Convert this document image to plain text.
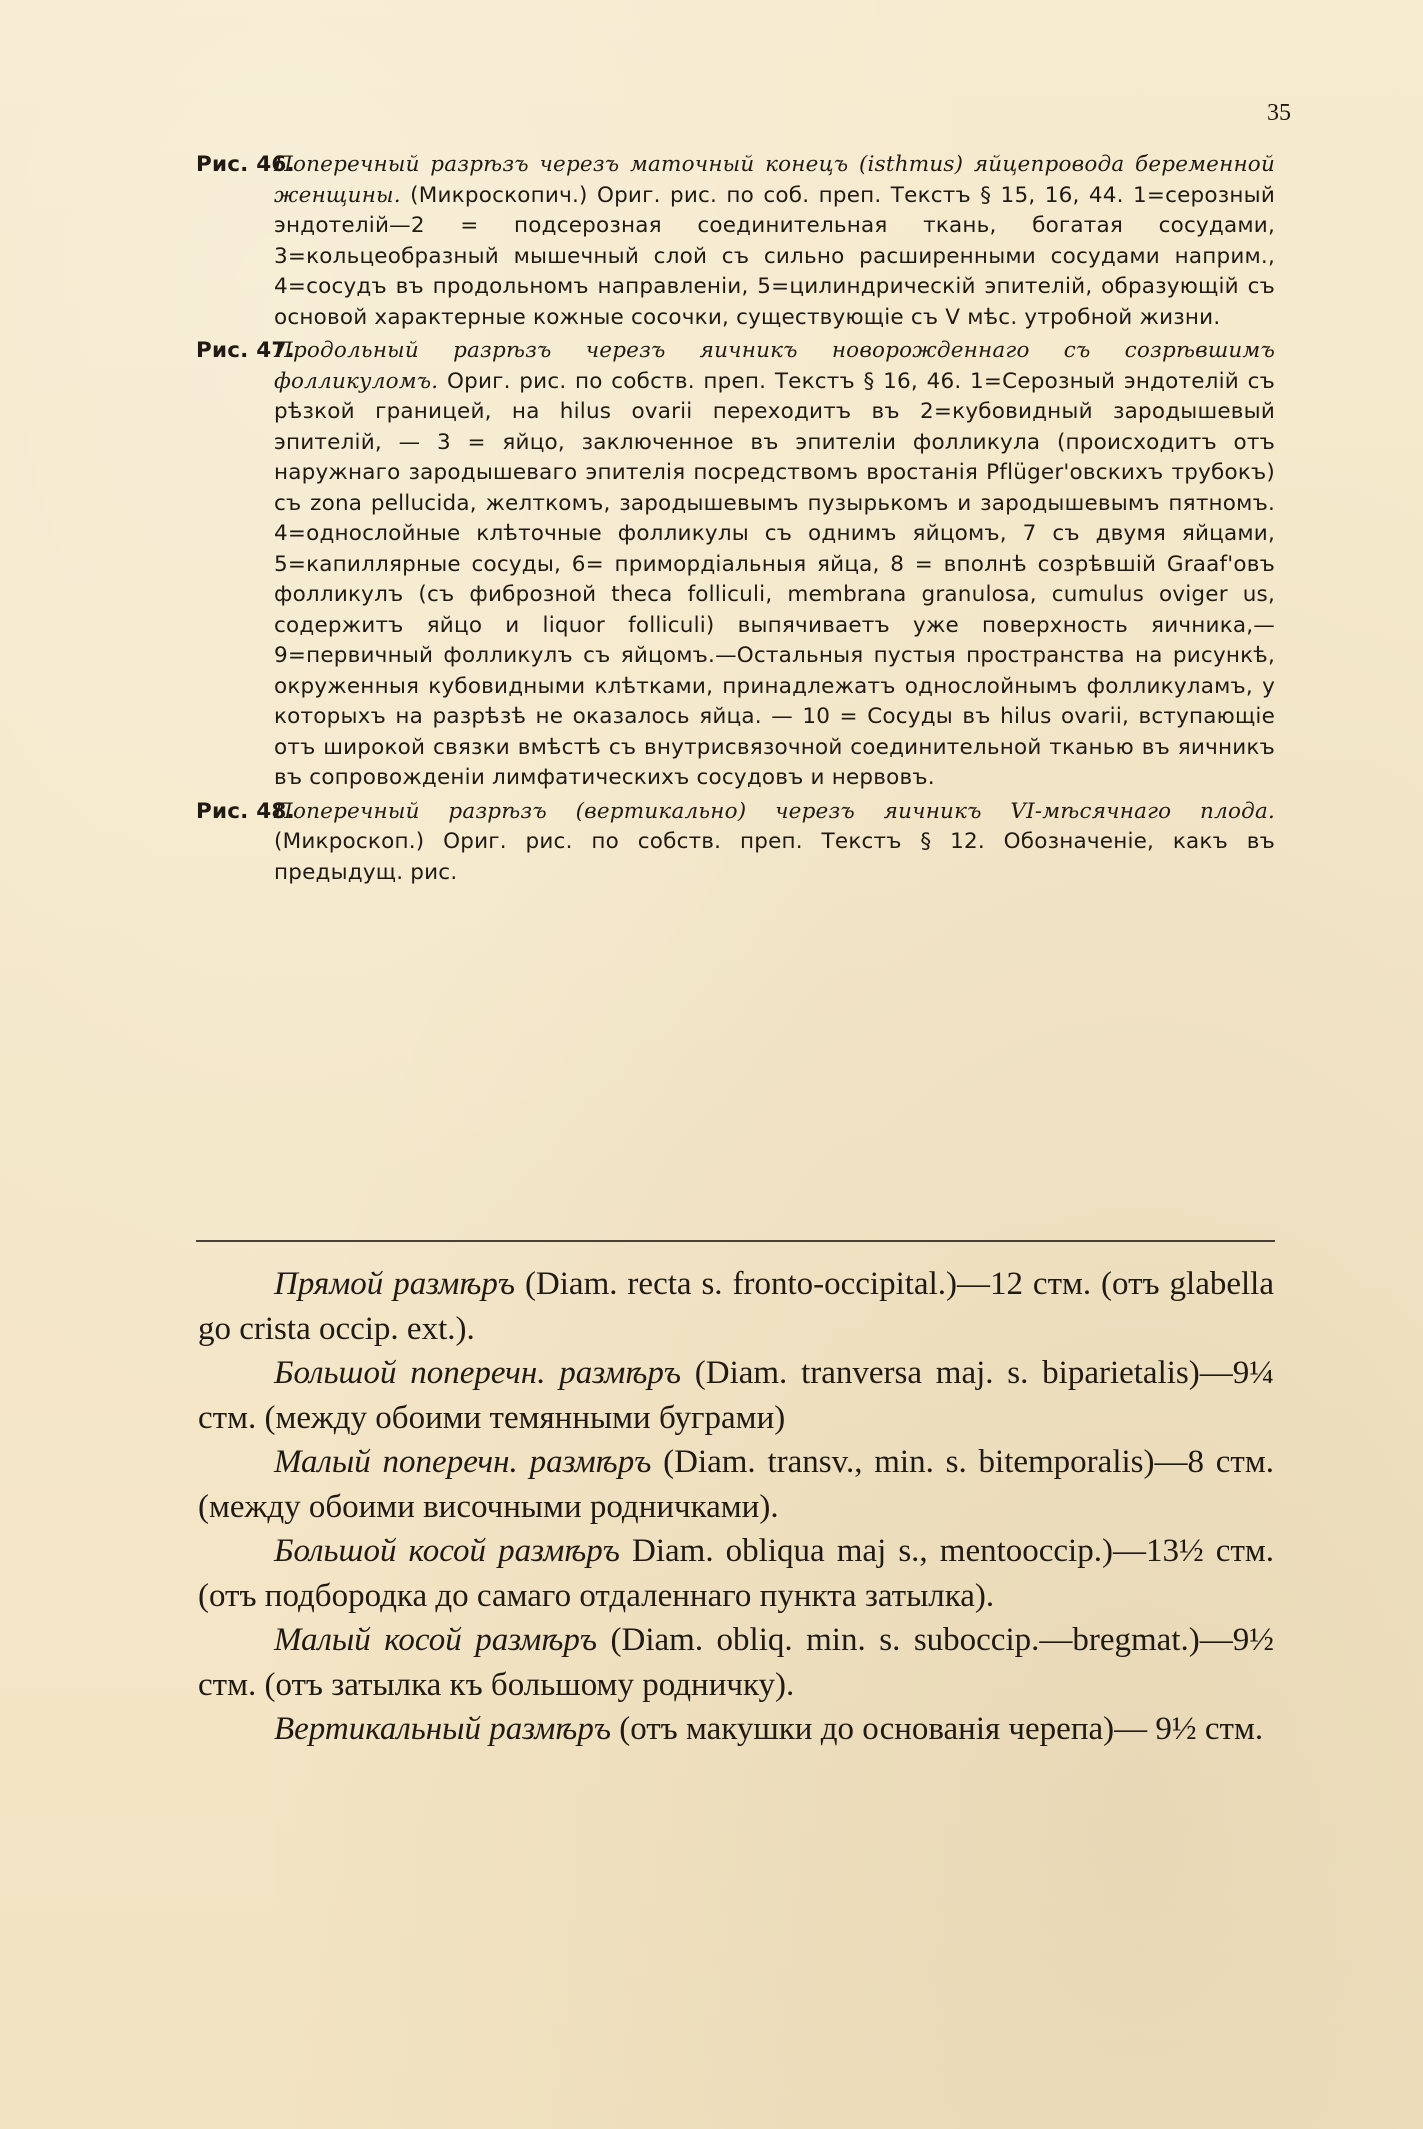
35
Рис. 46.
Поперечный разрѣзъ черезъ маточный конецъ (isthmus) яйцепровода беременной женщины. (Микроскопич.) Ориг. рис. по соб. преп. Текстъ § 15, 16, 44. 1=серозный эндотелій—2 = подсерозная соединительная ткань, богатая сосудами, 3=кольцеобразный мышечный слой съ сильно расширенными сосудами наприм., 4=сосудъ въ продольномъ направленіи, 5=цилиндрическій эпителій, образующій съ основой характерные кожные сосочки, существующіе съ V мѣс. утробной жизни.
Рис. 47.
Продольный разрѣзъ черезъ яичникъ новорожденнаго съ созрѣвшимъ фолликуломъ. Ориг. рис. по собств. преп. Текстъ § 16, 46. 1=Серозный эндотелій съ рѣзкой границей, на hilus ovarii переходитъ въ 2=кубовидный зародышевый эпителій, — 3 = яйцо, заключенное въ эпителіи фолликула (происходитъ отъ наружнаго зародышеваго эпителія посредствомъ вростанія Pflüger'овскихъ трубокъ) съ zona pellucida, желткомъ, зародышевымъ пузырькомъ и зародышевымъ пятномъ. 4=однослойные клѣточные фолликулы съ однимъ яйцомъ, 7 съ двумя яйцами, 5=капиллярные сосуды, 6= примордіальныя яйца, 8 = вполнѣ созрѣвшій Graaf'овъ фолликулъ (съ фиброзной theca folliculi, membrana granulosa, cumulus oviger us, содержитъ яйцо и liquor folliculi) выпячиваетъ уже поверхность яичника,—9=первичный фолликулъ съ яйцомъ.—Остальныя пустыя пространства на рисункѣ, окруженныя кубовидными клѣтками, принадлежатъ однослойнымъ фолликуламъ, у которыхъ на разрѣзѣ не оказалось яйца. — 10 = Сосуды въ hilus ovarii, вступающіе отъ широкой связки вмѣстѣ съ внутрисвязочной соединительной тканью въ яичникъ въ сопровожденіи лимфатическихъ сосудовъ и нервовъ.
Рис. 48.
Поперечный разрѣзъ (вертикально) черезъ яичникъ VI-мѣсячнаго плода. (Микроскоп.) Ориг. рис. по собств. преп. Текстъ § 12. Обозначеніе, какъ въ предыдущ. рис.

Прямой размѣръ (Diam. recta s. fronto-occipital.)—12 стм. (отъ glabella go crista occip. ext.).

Большой поперечн. размѣръ (Diam. tranversa maj. s. biparietalis)—9¼ стм. (между обоими темянными буграми)

Малый поперечн. размѣръ (Diam. transv., min. s. bitemporalis)—8 стм. (между обоими височными родничками).

Большой косой размѣръ Diam. obliqua maj s., mentooccip.)—13½ стм. (отъ подбородка до самаго отдаленнаго пункта затылка).

Малый косой размѣръ (Diam. obliq. min. s. suboccip.—bregmat.)—9½ стм. (отъ затылка къ большому родничку).

Вертикальный размѣръ (отъ макушки до основанія черепа)— 9½ стм.
